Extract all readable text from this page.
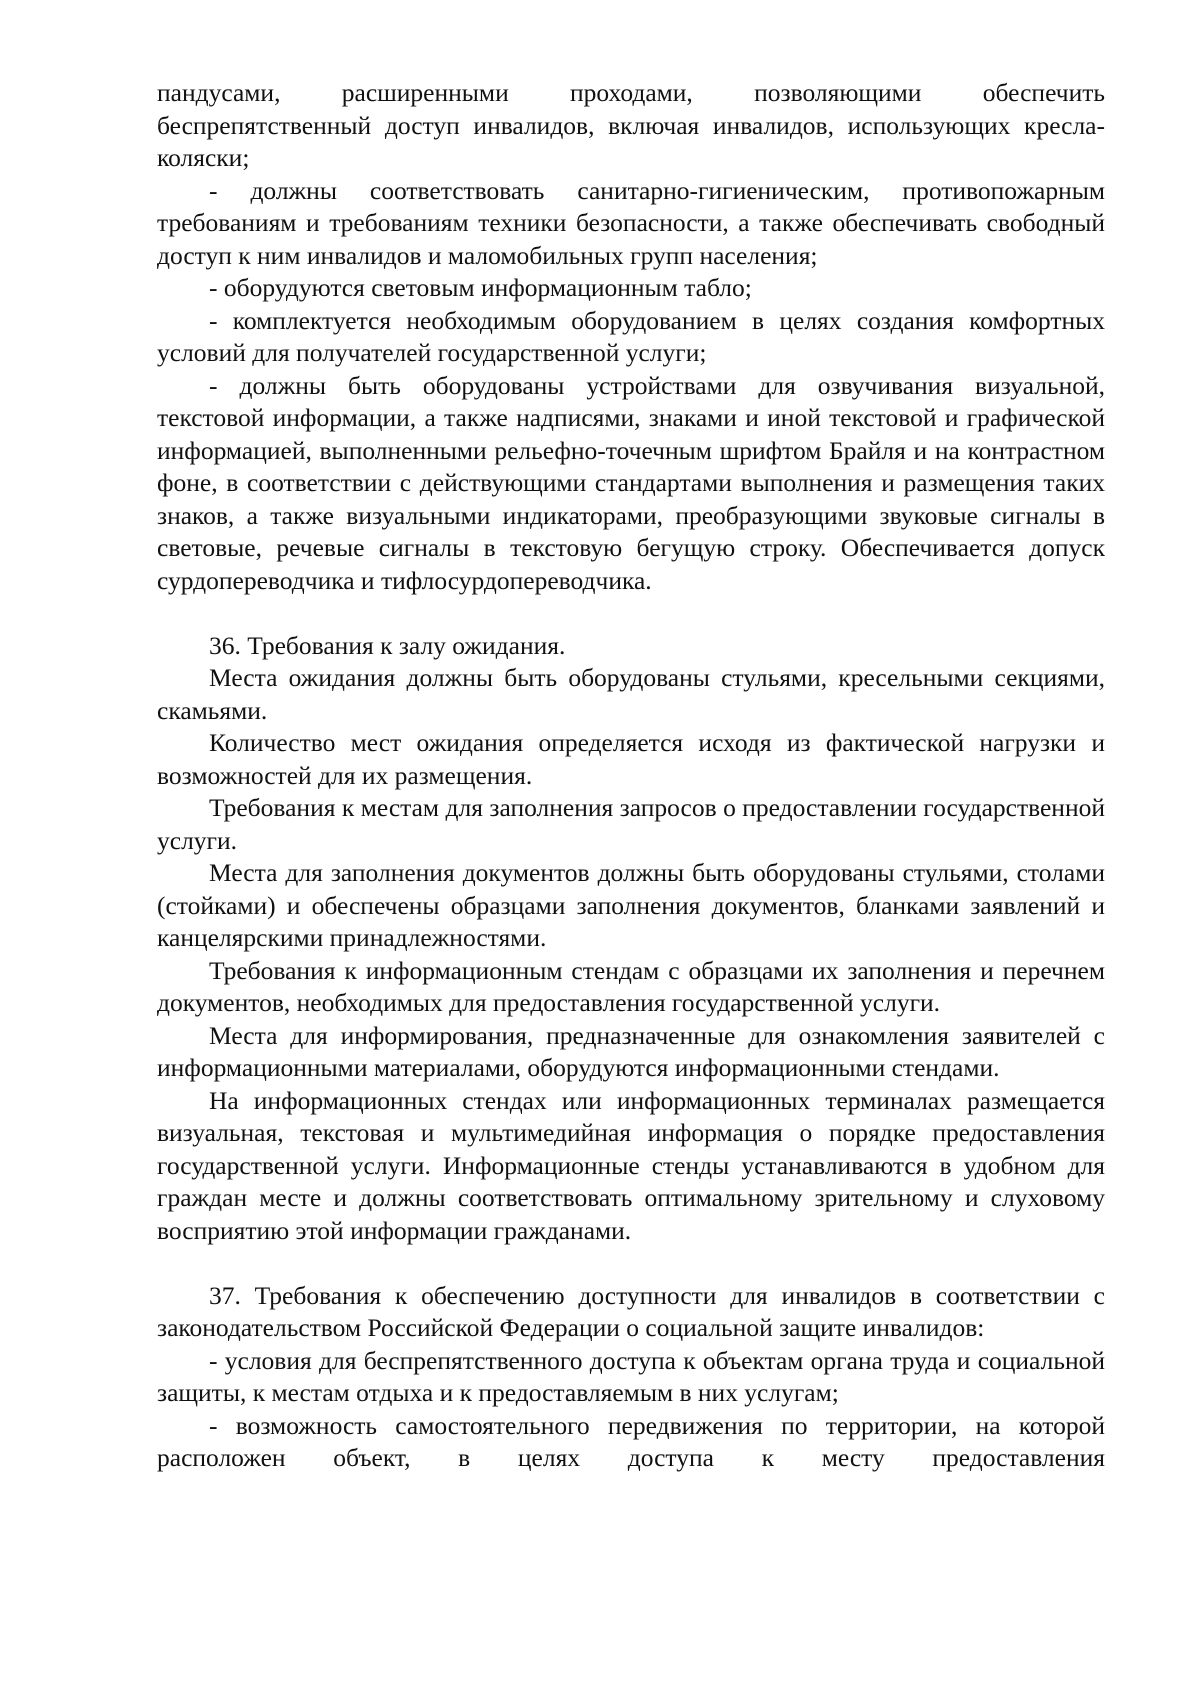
пандусами, расширенными проходами, позволяющими обеспечить беспрепятственный доступ инвалидов, включая инвалидов, использующих кресла-коляски;

- должны соответствовать санитарно-гигиеническим, противопожарным требованиям и требованиям техники безопасности, а также обеспечивать свободный доступ к ним инвалидов и маломобильных групп населения;

- оборудуются световым информационным табло;

- комплектуется необходимым оборудованием в целях создания комфортных условий для получателей государственной услуги;

- должны быть оборудованы устройствами для озвучивания визуальной, текстовой информации, а также надписями, знаками и иной текстовой и графической информацией, выполненными рельефно-точечным шрифтом Брайля и на контрастном фоне, в соответствии с действующими стандартами выполнения и размещения таких знаков, а также визуальными индикаторами, преобразующими звуковые сигналы в световые, речевые сигналы в текстовую бегущую строку. Обеспечивается допуск сурдопереводчика и тифлосурдопереводчика.

36. Требования к залу ожидания.

Места ожидания должны быть оборудованы стульями, кресельными секциями, скамьями.

Количество мест ожидания определяется исходя из фактической нагрузки и возможностей для их размещения.

Требования к местам для заполнения запросов о предоставлении государственной услуги.

Места для заполнения документов должны быть оборудованы стульями, столами (стойками) и обеспечены образцами заполнения документов, бланками заявлений и канцелярскими принадлежностями.

Требования к информационным стендам с образцами их заполнения и перечнем документов, необходимых для предоставления государственной услуги.

Места для информирования, предназначенные для ознакомления заявителей с информационными материалами, оборудуются информационными стендами.

На информационных стендах или информационных терминалах размещается визуальная, текстовая и мультимедийная информация о порядке предоставления государственной услуги. Информационные стенды устанавливаются в удобном для граждан месте и должны соответствовать оптимальному зрительному и слуховому восприятию этой информации гражданами.

37. Требования к обеспечению доступности для инвалидов в соответствии с законодательством Российской Федерации о социальной защите инвалидов:

- условия для беспрепятственного доступа к объектам органа труда и социальной защиты, к местам отдыха и к предоставляемым в них услугам;

- возможность самостоятельного передвижения по территории, на которой расположен объект, в целях доступа к месту предоставления
